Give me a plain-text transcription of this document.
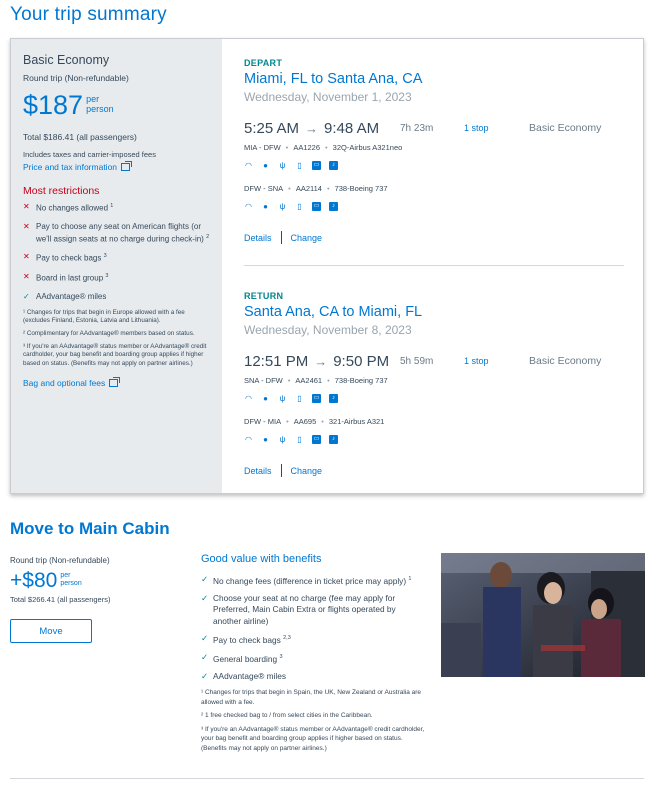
Your trip summary
Basic Economy
Round trip (Non-refundable)
$187 per person
Total $186.41 (all passengers)
Includes taxes and carrier-imposed fees
Price and tax information
Most restrictions
✕ No changes allowed $^1$
✕ Pay to choose any seat on American flights (or we'll assign seats at no charge during check-in) $^2$
✕ Pay to check bags $^3$
✕ Board in last group $^3$
✓ AAdvantage® miles
¹ Changes for trips that begin in Europe allowed with a fee (excludes Finland, Estonia, Latvia and Lithuania).
² Complimentary for AAdvantage® members based on status.
³ If you're an AAdvantage® status member or AAdvantage® credit cardholder, your bag benefit and boarding group applies if higher based on status. (Benefits may not apply on partner airlines.)
Bag and optional fees
DEPART
Miami, FL to Santa Ana, CA
Wednesday, November 1, 2023
5:25 AM → 9:48 AM 7h 23m	1 stop	Basic Economy
MIA - DFW • AA1226 • 32Q-Airbus A321neo
◠ ● ψ ▯	▭	♪
DFW - SNA • AA2114 • 738-Boeing 737
◠ ● ψ ▯	▭	♪
Details Change
RETURN
Santa Ana, CA to Miami, FL
Wednesday, November 8, 2023
12:51 PM → 9:50 PM 5h 59m	1 stop	Basic Economy
SNA - DFW • AA2461 • 738-Boeing 737
◠ ● ψ ▯	▭	♪
DFW - MIA • AA695 • 321-Airbus A321
◠ ● ψ ▯	▭	♪
Details Change
Move to Main Cabin
Round trip (Non-refundable)
+$80 per person
Total $266.41 (all passengers)
Move
Good value with benefits
✓ No change fees (difference in ticket price may apply) $^1$
✓ Choose your seat at no charge (fee may apply for Preferred, Main Cabin Extra or flights operated by another airline)
✓ Pay to check bags $^{2,3}$
✓ General boarding $^3$
✓ AAdvantage® miles
¹ Changes for trips that begin in Spain, the UK, New Zealand or Australia are allowed with a fee.
² 1 free checked bag to / from select cities in the Caribbean.
³ If you're an AAdvantage® status member or AAdvantage® credit cardholder, your bag benefit and boarding group applies if higher based on status. (Benefits may not apply on partner airlines.)
